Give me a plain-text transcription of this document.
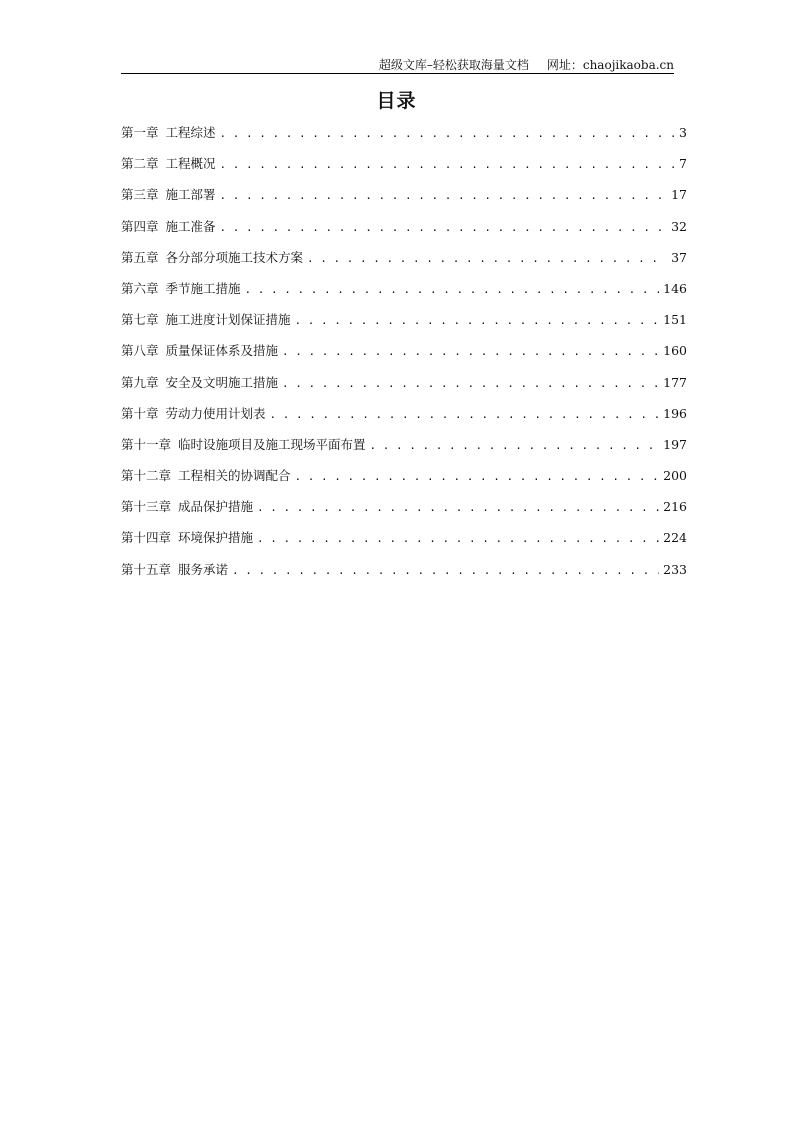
超级文库–轻松获取海量文档 网址：chaojikaoba.cn
目录
第一章 工程综述 . . .	3
第二章 工程概况 . . .	7
第三章 施工部署 . . .	17
第四章 施工准备 . . .	32
第五章 各分部分项施工技术方案 . . .	37
第六章 季节施工措施 . . .	146
第七章 施工进度计划保证措施 . . .	151
第八章 质量保证体系及措施 . . .	160
第九章 安全及文明施工措施 . . .	177
第十章 劳动力使用计划表 . . .	196
第十一章 临时设施项目及施工现场平面布置 . . .	197
第十二章 工程相关的协调配合 . . .	200
第十三章 成品保护措施 . . .	216
第十四章 环境保护措施 . . .	224
第十五章 服务承诺 . . .	233
